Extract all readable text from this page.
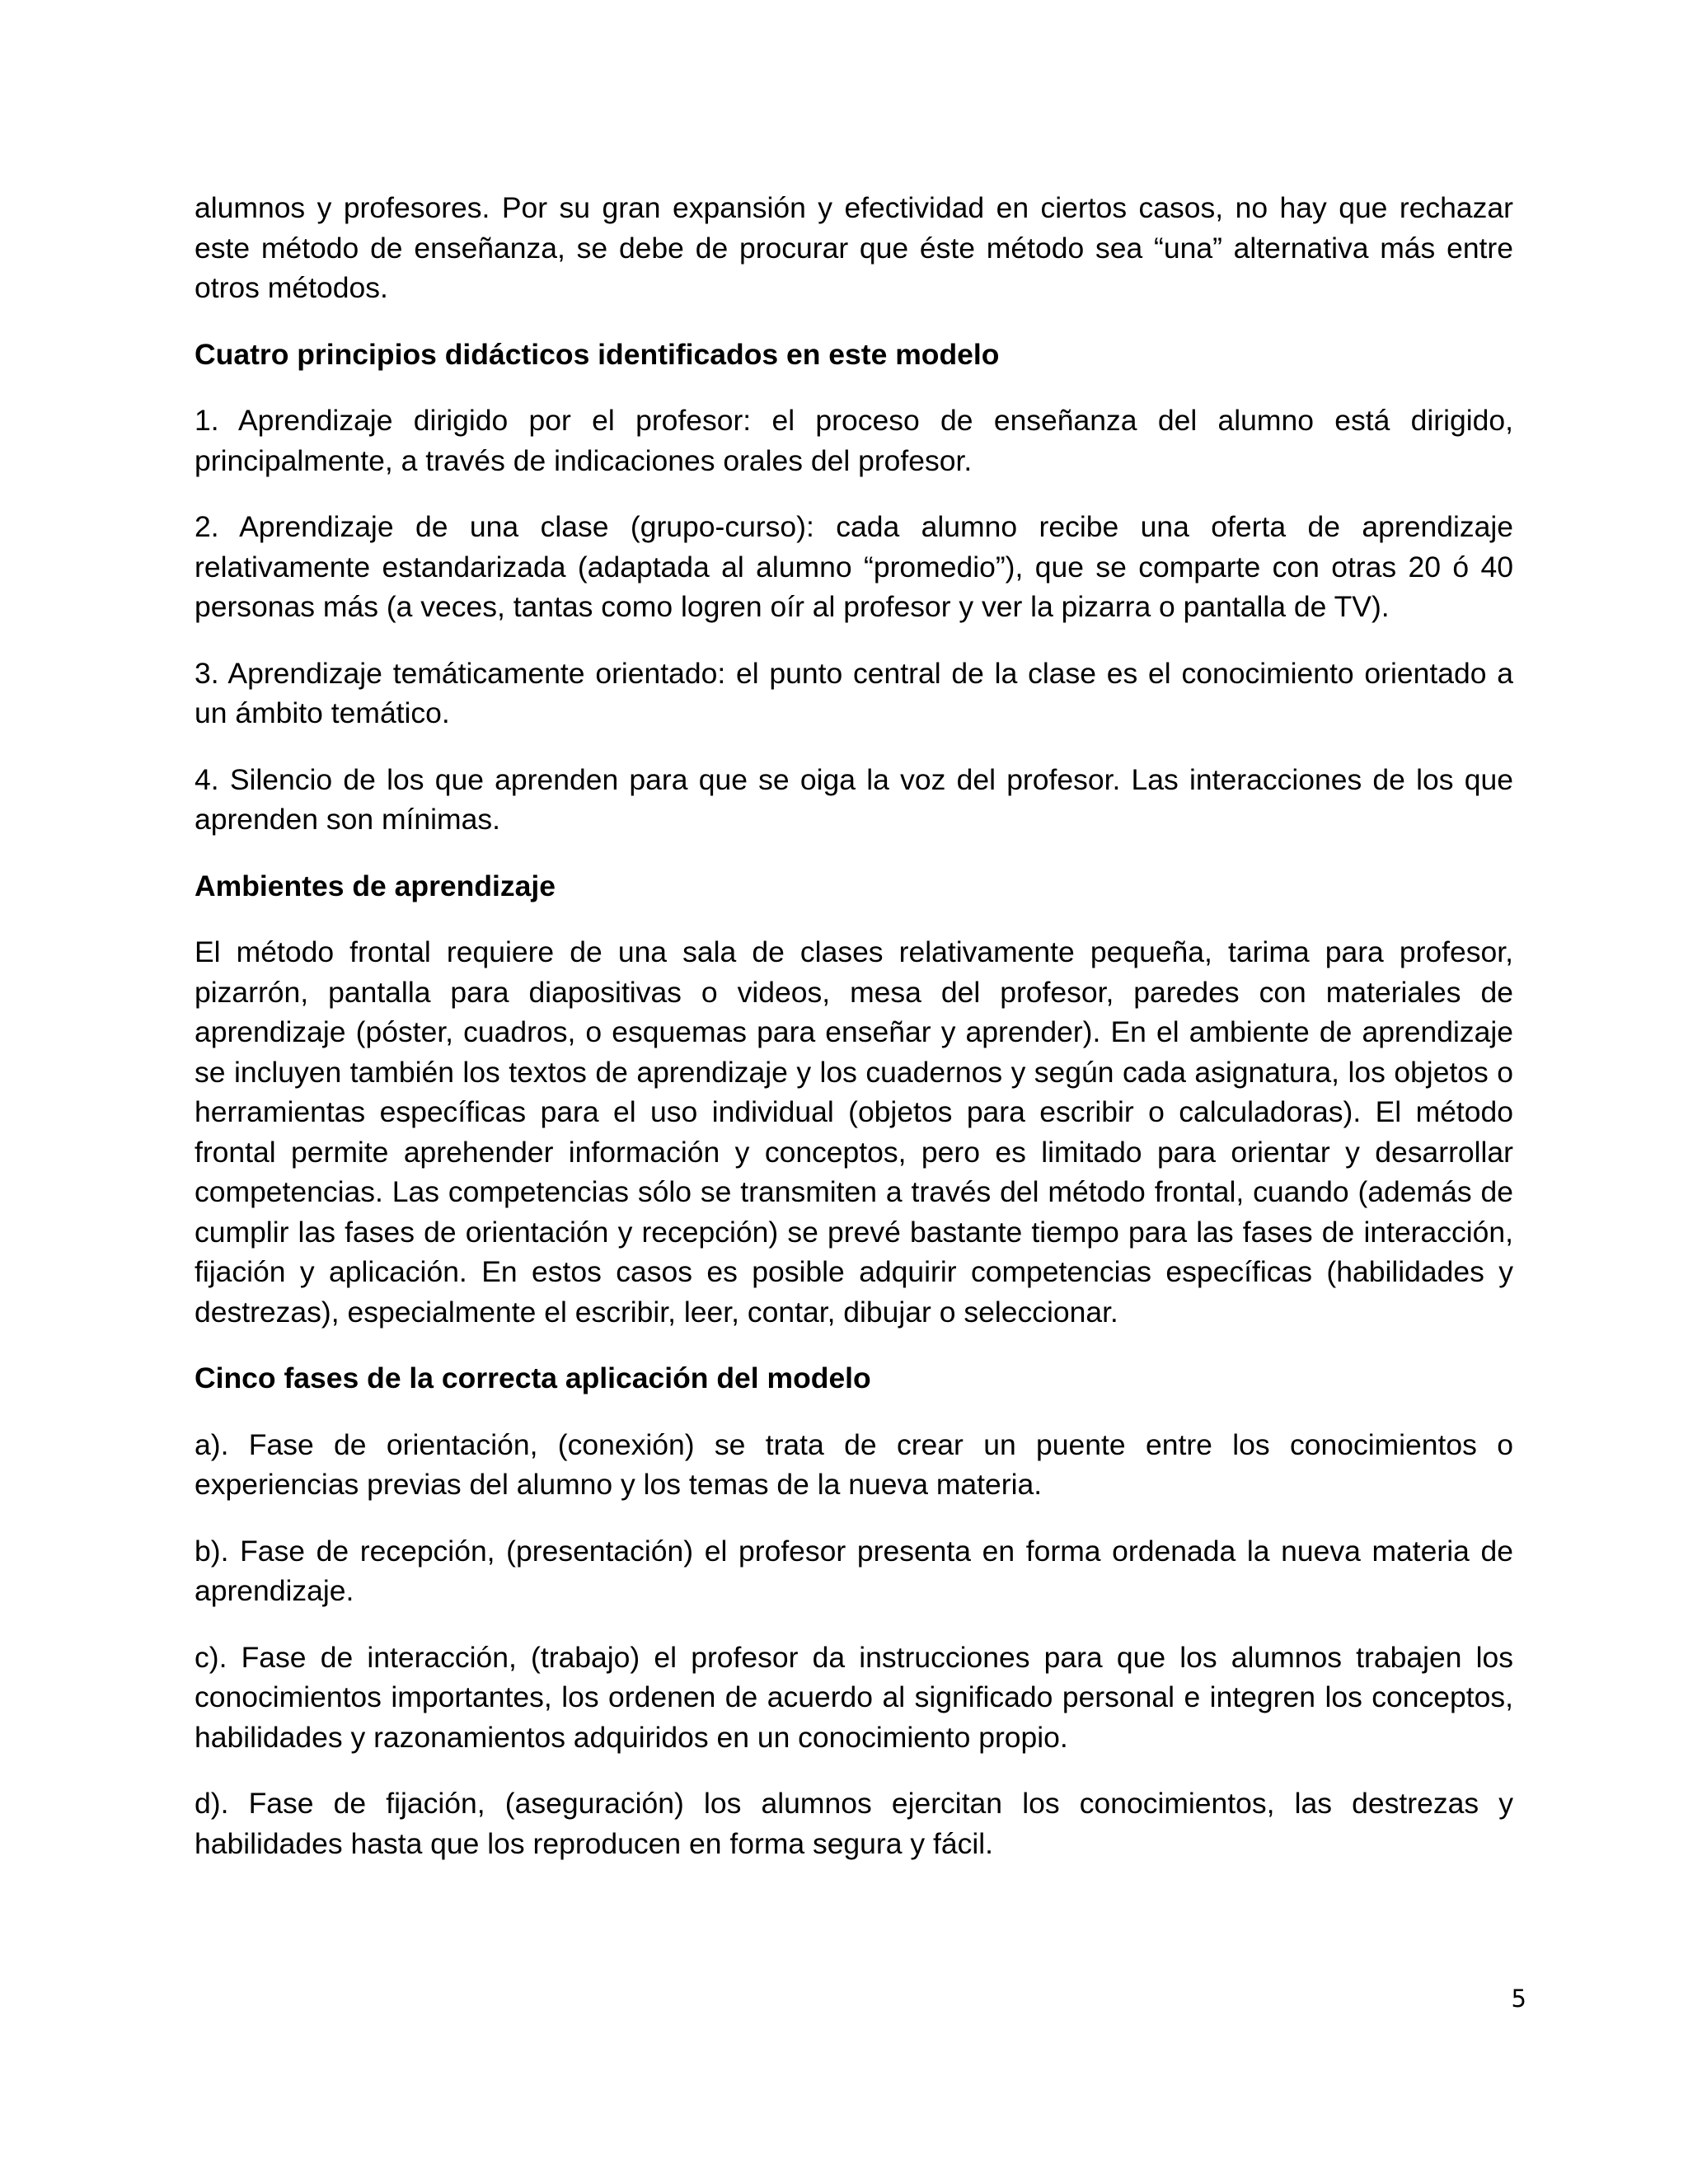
alumnos y profesores. Por su gran expansión y efectividad en ciertos casos, no hay que rechazar este método de enseñanza, se debe de procurar que éste método sea “una” alternativa más entre otros métodos.

Cuatro principios didácticos identificados en este modelo

1. Aprendizaje dirigido por el profesor: el proceso de enseñanza del alumno está dirigido, principalmente, a través de indicaciones orales del profesor.

2. Aprendizaje de una clase (grupo-curso): cada alumno recibe una oferta de aprendizaje relativamente estandarizada (adaptada al alumno “promedio”), que se comparte con otras 20 ó 40 personas más (a veces, tantas como logren oír al profesor y ver la pizarra o pantalla de TV).

3. Aprendizaje temáticamente orientado: el punto central de la clase es el conocimiento orientado a un ámbito temático.

4. Silencio de los que aprenden para que se oiga la voz del profesor. Las interacciones de los que aprenden son mínimas.

Ambientes de aprendizaje

El método frontal requiere de una sala de clases relativamente pequeña, tarima para profesor, pizarrón, pantalla para diapositivas o videos, mesa del profesor, paredes con materiales de aprendizaje (póster, cuadros, o esquemas para enseñar y aprender). En el ambiente de aprendizaje se incluyen también los textos de aprendizaje y los cuadernos y según cada asignatura, los objetos o herramientas específicas para el uso individual (objetos para escribir o calculadoras). El método frontal permite aprehender información y conceptos, pero es limitado para orientar y desarrollar competencias. Las competencias sólo se transmiten a través del método frontal, cuando (además de cumplir las fases de orientación y recepción) se prevé bastante tiempo para las fases de interacción, fijación y aplicación. En estos casos es posible adquirir competencias específicas (habilidades y destrezas), especialmente el escribir, leer, contar, dibujar o seleccionar.

Cinco fases de la correcta aplicación del modelo

a). Fase de orientación, (conexión) se trata de crear un puente entre los conocimientos o experiencias previas del alumno y los temas de la nueva materia.

b). Fase de recepción, (presentación) el profesor presenta en forma ordenada la nueva materia de aprendizaje.

c). Fase de interacción, (trabajo) el profesor da instrucciones para que los alumnos trabajen los conocimientos importantes, los ordenen de acuerdo al significado personal e integren los conceptos, habilidades y razonamientos adquiridos en un conocimiento propio.

d). Fase de fijación, (aseguración) los alumnos ejercitan los conocimientos, las destrezas y habilidades hasta que los reproducen en forma segura y fácil.

5
